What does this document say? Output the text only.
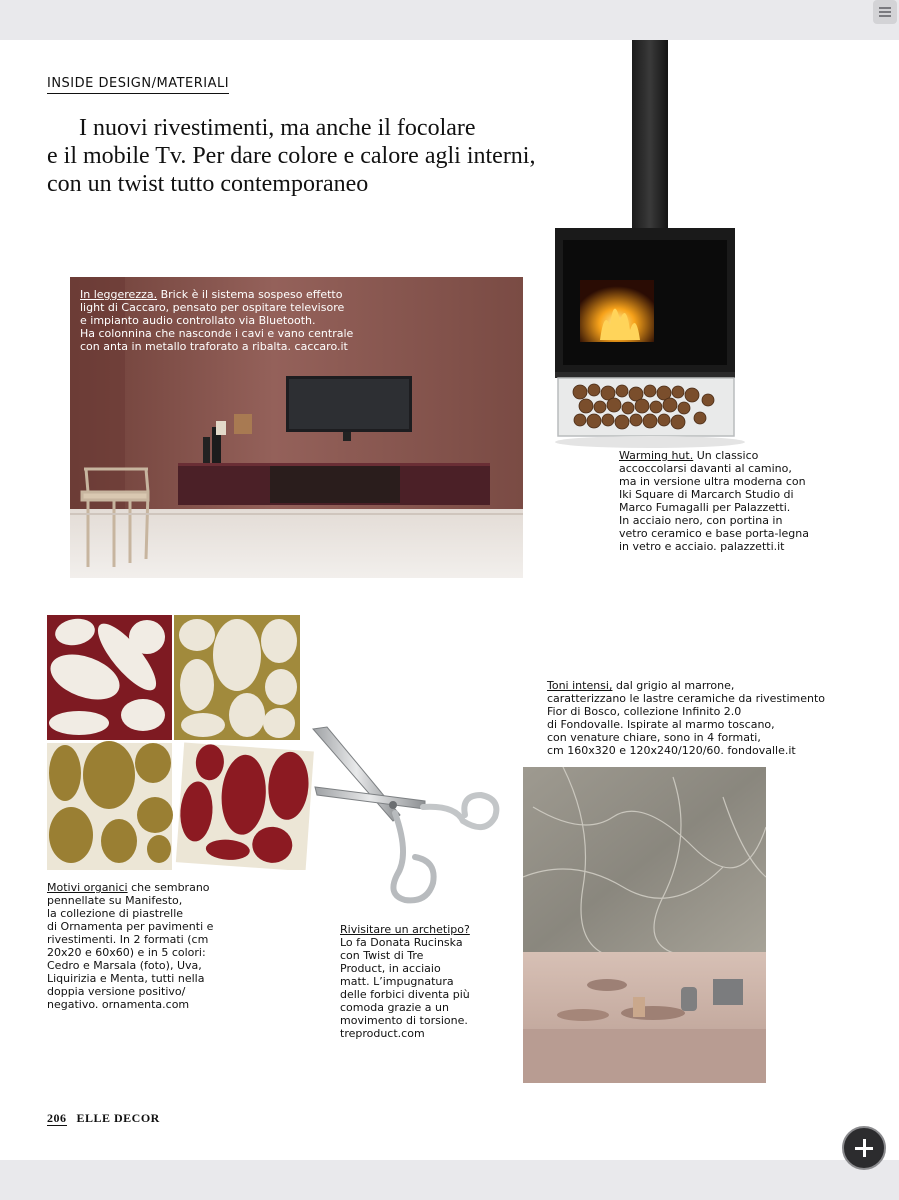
INSIDE DESIGN/MATERIALI
I nuovi rivestimenti, ma anche il focolare
e il mobile Tv. Per dare colore e calore agli interni,
con un twist tutto contemporaneo
In leggerezza. Brick è il sistema sospeso effetto
light di Caccaro, pensato per ospitare televisore
e impianto audio controllato via Bluetooth.
Ha colonnina che nasconde i cavi e vano centrale
con anta in metallo traforato a ribalta. caccaro.it
Warming hut. Un classico
accoccolarsi davanti al camino,
ma in versione ultra moderna con
Iki Square di Marcarch Studio di
Marco Fumagalli per Palazzetti.
In acciaio nero, con portina in
vetro ceramico e base porta-legna
in vetro e acciaio. palazzetti.it
Motivi organici che sembrano
pennellate su Manifesto,
la collezione di piastrelle
di Ornamenta per pavimenti e
rivestimenti. In 2 formati (cm
20x20 e 60x60) e in 5 colori:
Cedro e Marsala (foto), Uva,
Liquirizia e Menta, tutti nella
doppia versione positivo/
negativo. ornamenta.com
Rivisitare un archetipo?
Lo fa Donata Rucinska
con Twist di Tre
Product, in acciaio
matt. L’impugnatura
delle forbici diventa più
comoda grazie a un
movimento di torsione.
treproduct.com
Toni intensi, dal grigio al marrone,
caratterizzano le lastre ceramiche da rivestimento
Fior di Bosco, collezione Infinito 2.0
di Fondovalle. Ispirate al marmo toscano,
con venature chiare, sono in 4 formati,
cm 160x320 e 120x240/120/60. fondovalle.it
206 ELLE DECOR
